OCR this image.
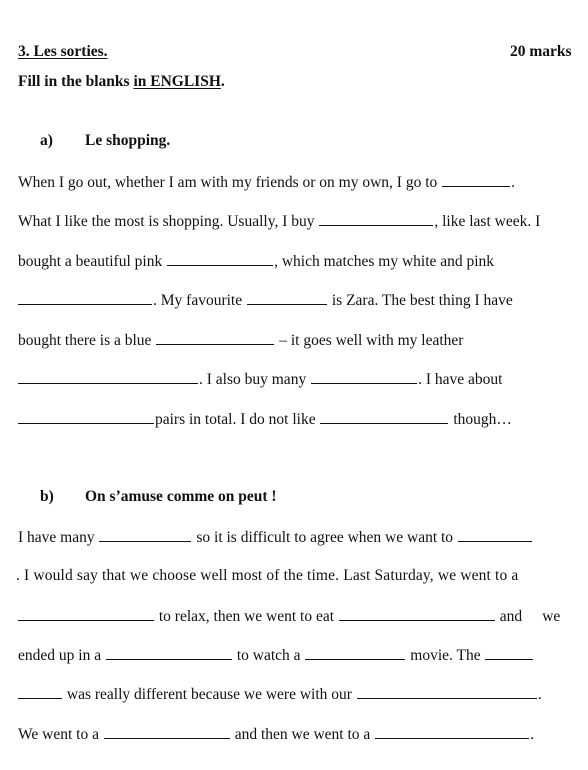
3. Les sorties.	20 marks
Fill in the blanks in ENGLISH.
a) Le shopping.
When I go out, whether I am with my friends or on my own, I go to	.
What I like the most is shopping. Usually, I buy	, like last week. I
bought a beautiful pink	, which matches my white and pink
. My favourite	is Zara. The best thing I have
bought there is a blue	– it goes well with my leather
. I also buy many	. I have about
pairs in total. I do not like	though…
b) On s’amuse comme on peut !
I have many	so it is difficult to agree when we want to
. I would say that we choose well most of the time. Last Saturday, we went to a
to relax, then we went to eat	and we
ended up in a	to watch a	movie. The
was really different because we were with our	.
We went to a	and then we went to a	.
